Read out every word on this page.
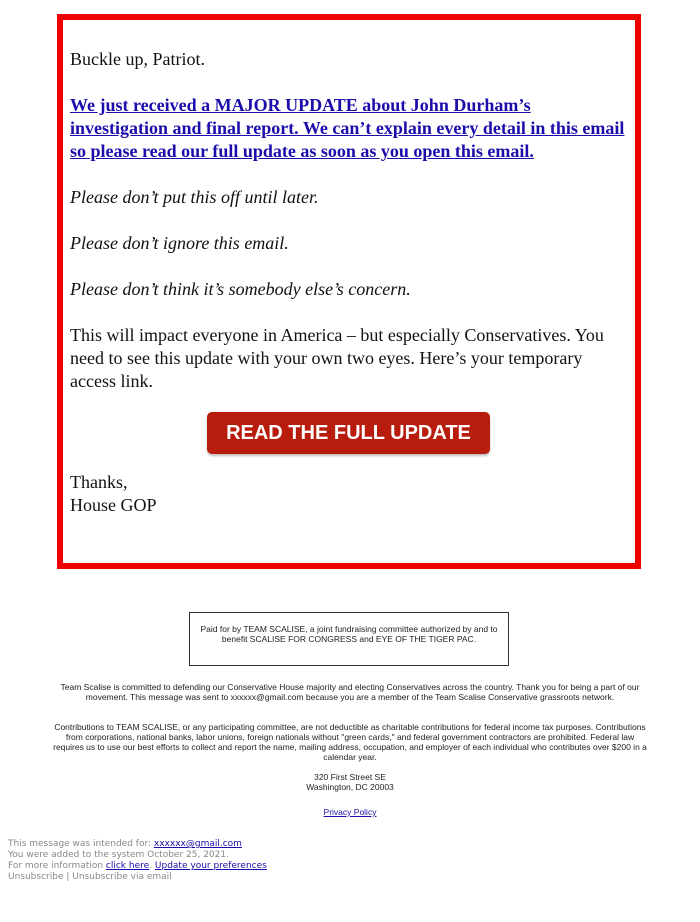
Buckle up, Patriot.

We just received a MAJOR UPDATE about John Durham’s investigation and final report. We can’t explain every detail in this email so please read our full update as soon as you open this email.

Please don’t put this off until later.

Please don’t ignore this email.

Please don’t think it’s somebody else’s concern.

This will impact everyone in America – but especially Conservatives. You need to see this update with your own two eyes. Here’s your temporary access link.

READ THE FULL UPDATE
Thanks,
House GOP
Paid for by TEAM SCALISE, a joint fundraising committee authorized by and to benefit SCALISE FOR CONGRESS and EYE OF THE TIGER PAC.

Team Scalise is committed to defending our Conservative House majority and electing Conservatives across the country. Thank you for being a part of our movement. This message was sent to xxxxxx@gmail.com because you are a member of the Team Scalise Conservative grassroots network.

Contributions to TEAM SCALISE, or any participating committee, are not deductible as charitable contributions for federal income tax purposes. Contributions from corporations, national banks, labor unions, foreign nationals without "green cards," and federal government contractors are prohibited. Federal law requires us to use our best efforts to collect and report the name, mailing address, occupation, and employer of each individual who contributes over $200 in a calendar year.

320 First Street SE

Washington, DC 20003

Privacy Policy
This message was intended for: xxxxxx@gmail.com
You were added to the system October 25, 2021.
For more information click here. Update your preferences
Unsubscribe | Unsubscribe via email
